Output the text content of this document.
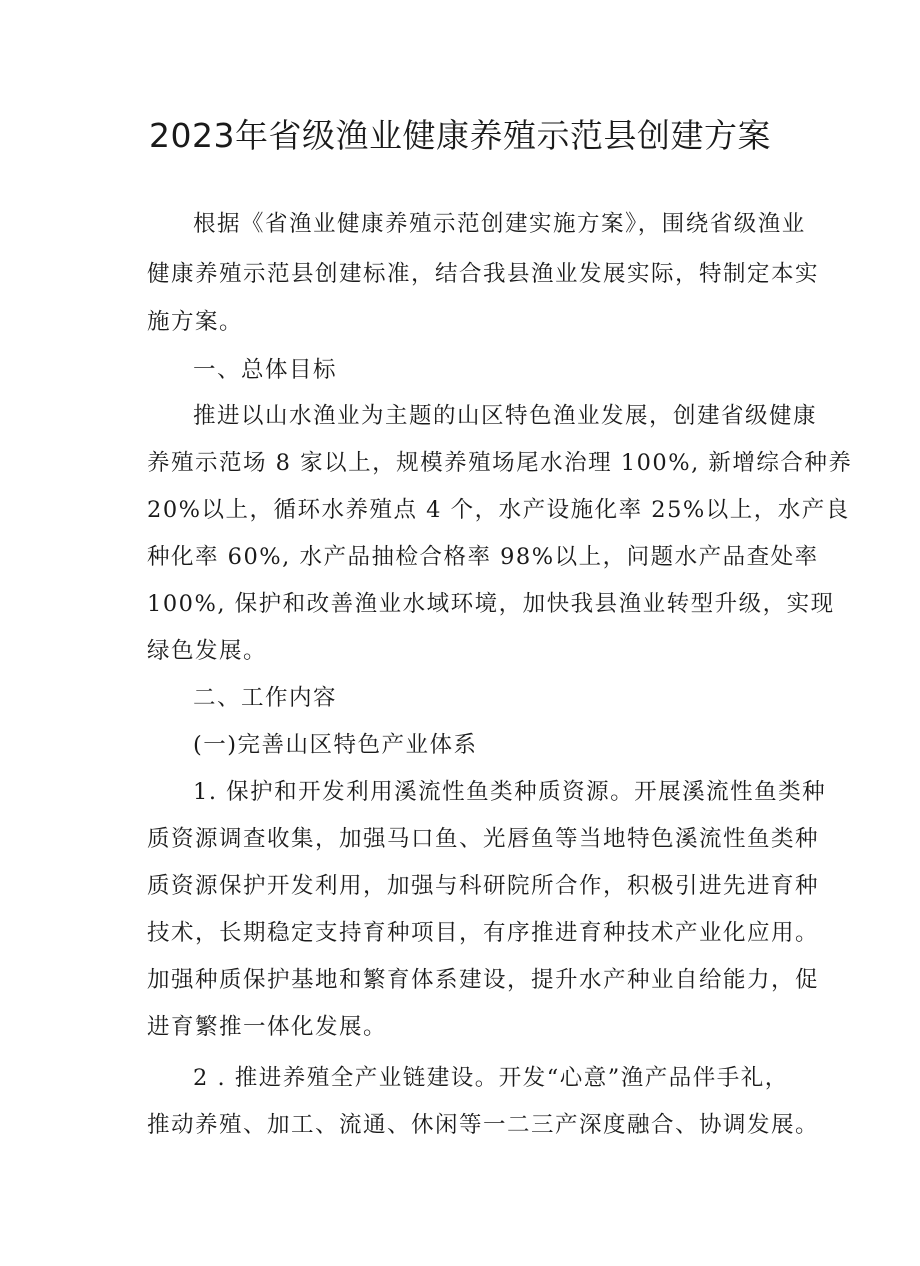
2023年省级渔业健康养殖示范县创建方案

根据《省渔业健康养殖示范创建实施方案》，围绕省级渔业

健康养殖示范县创建标准，结合我县渔业发展实际，特制定本实

施方案。

一、总体目标

推进以山水渔业为主题的山区特色渔业发展，创建省级健康

养殖示范场 8 家以上，规模养殖场尾水治理 100%, 新增综合种养

20%以上，循环水养殖点 4 个，水产设施化率 25%以上，水产良

种化率 60%, 水产品抽检合格率 98%以上，问题水产品查处率

100%, 保护和改善渔业水域环境，加快我县渔业转型升级，实现

绿色发展。

二、工作内容

(一)完善山区特色产业体系

1. 保护和开发利用溪流性鱼类种质资源。开展溪流性鱼类种

质资源调查收集，加强马口鱼、光唇鱼等当地特色溪流性鱼类种

质资源保护开发利用，加强与科研院所合作，积极引进先进育种

技术，长期稳定支持育种项目，有序推进育种技术产业化应用。

加强种质保护基地和繁育体系建设，提升水产种业自给能力，促

进育繁推一体化发展。

2 . 推进养殖全产业链建设。开发“心意”渔产品伴手礼，

推动养殖、加工、流通、休闲等一二三产深度融合、协调发展。
